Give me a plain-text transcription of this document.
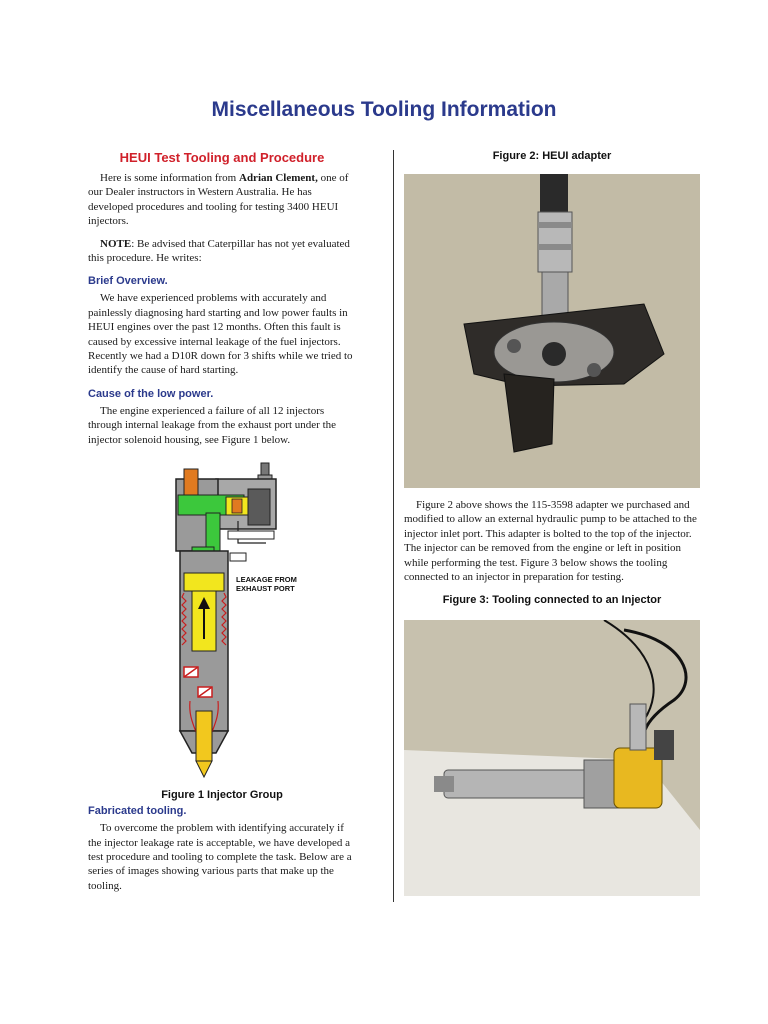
Miscellaneous Tooling Information
HEUI Test Tooling and Procedure

Here is some information from Adrian Clement, one of our Dealer instructors in Western Australia. He has developed procedures and tooling for testing 3400 HEUI injectors.

NOTE: Be advised that Caterpillar has not yet evaluated this procedure. He writes:

Brief Overview.

We have experienced problems with accurately and painlessly diagnosing hard starting and low power faults in HEUI engines over the past 12 months. Often this fault is caused by excessive internal leakage of the fuel injectors. Recently we had a D10R down for 3 shifts while we tried to identify the cause of hard starting.

Cause of the low power.

The engine experienced a failure of all 12 injectors through internal leakage from the exhaust port under the injector solenoid housing, see Figure 1 below.

LEAKAGE FROM
EXHAUST PORT
Figure 1 Injector Group
Fabricated tooling.

To overcome the problem with identifying accurately if the injector leakage rate is acceptable, we have developed a test procedure and tooling to complete the task. Below are a series of images showing various parts that make up the tooling.

Figure 2: HEUI adapter

Figure 2 above shows the 115-3598 adapter we purchased and modified to allow an external hydraulic pump to be attached to the injector inlet port. This adapter is bolted to the top of the injector. The injector can be removed from the engine or left in position while performing the test. Figure 3 below shows the tooling connected to an injector in preparation for testing.

Figure 3: Tooling connected to an Injector
